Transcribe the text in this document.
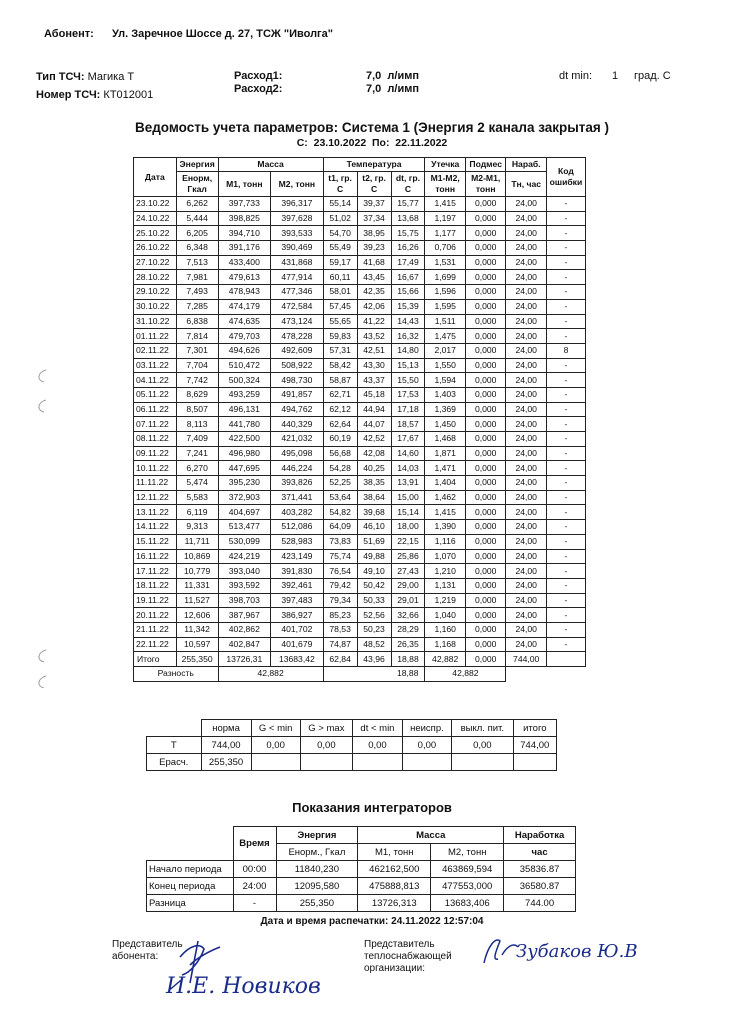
Абонент: Ул. Заречное Шоссе д. 27, ТСЖ "Иволга"
Тип ТСЧ: Магика Т
Номер ТСЧ: КТ012001
Расход1:
Расход2:
7,0  л/имп
7,0  л/имп
dt min: 1 град. С
Ведомость учета параметров: Система 1 (Энергия 2 канала закрытая )
С:  23.10.2022  По:  22.11.2022
Дата	Энергия	Масса		Температура			Утечка	Подмес	Нараб.	Код ошибки
	Енорм, Гкал	М1, тонн	М2, тонн	t1, гр. С	t2, гр. С	dt, гр. С	М1-М2, тонн	М2-М1, тонн	Тн, час	
23.10.22	6,262	397,733	396,317	55,14	39,37	15,77	1,415	0,000	24,00	-
24.10.22	5,444	398,825	397,628	51,02	37,34	13,68	1,197	0,000	24,00	-
25.10.22	6,205	394,710	393,533	54,70	38,95	15,75	1,177	0,000	24,00	-
26.10.22	6,348	391,176	390,469	55,49	39,23	16,26	0,706	0,000	24,00	-
27.10.22	7,513	433,400	431,868	59,17	41,68	17,49	1,531	0,000	24,00	-
28.10.22	7,981	479,613	477,914	60,11	43,45	16,67	1,699	0,000	24,00	-
29.10.22	7,493	478,943	477,346	58,01	42,35	15,66	1,596	0,000	24,00	-
30.10.22	7,285	474,179	472,584	57,45	42,06	15,39	1,595	0,000	24,00	-
31.10.22	6,838	474,635	473,124	55,65	41,22	14,43	1,511	0,000	24,00	-
01.11.22	7,814	479,703	478,228	59,83	43,52	16,32	1,475	0,000	24,00	-
02.11.22	7,301	494,626	492,609	57,31	42,51	14,80	2,017	0,000	24,00	8
03.11.22	7,704	510,472	508,922	58,42	43,30	15,13	1,550	0,000	24,00	-
04.11.22	7,742	500,324	498,730	58,87	43,37	15,50	1,594	0,000	24,00	-
05.11.22	8,629	493,259	491,857	62,71	45,18	17,53	1,403	0,000	24,00	-
06.11.22	8,507	496,131	494,762	62,12	44,94	17,18	1,369	0,000	24,00	-
07.11.22	8,113	441,780	440,329	62,64	44,07	18,57	1,450	0,000	24,00	-
08.11.22	7,409	422,500	421,032	60,19	42,52	17,67	1,468	0,000	24,00	-
09.11.22	7,241	496,980	495,098	56,68	42,08	14,60	1,871	0,000	24,00	-
10.11.22	6,270	447,695	446,224	54,28	40,25	14,03	1,471	0,000	24,00	-
11.11.22	5,474	395,230	393,826	52,25	38,35	13,91	1,404	0,000	24,00	-
12.11.22	5,583	372,903	371,441	53,64	38,64	15,00	1,462	0,000	24,00	-
13.11.22	6,119	404,697	403,282	54,82	39,68	15,14	1,415	0,000	24,00	-
14.11.22	9,313	513,477	512,086	64,09	46,10	18,00	1,390	0,000	24,00	-
15.11.22	11,711	530,099	528,983	73,83	51,69	22,15	1,116	0,000	24,00	-
16.11.22	10,869	424,219	423,149	75,74	49,88	25,86	1,070	0,000	24,00	-
17.11.22	10,779	393,040	391,830	76,54	49,10	27,43	1,210	0,000	24,00	-
18.11.22	11,331	393,592	392,461	79,42	50,42	29,00	1,131	0,000	24,00	-
19.11.22	11,527	398,703	397,483	79,34	50,33	29,01	1,219	0,000	24,00	-
20.11.22	12,606	387,967	386,927	85,23	52,56	32,66	1,040	0,000	24,00	-
21.11.22	11,342	402,862	401,702	78,53	50,23	28,29	1,160	0,000	24,00	-
22.11.22	10,597	402,847	401,679	74,87	48,52	26,35	1,168	0,000	24,00	-
Итого	255,350	13726,31	13683,42	62,84	43,96	18,88	42,882	0,000	744,00	
Разность		42,882				18,88	42,882			
	норма	G < min	G > max	dt < min	неиспр.	выкл. пит.	итого
T	744,00	0,00	0,00	0,00	0,00	0,00	744,00
Ерасч.	255,350						
Показания интеграторов
	Время	Энергия	Масса		Наработка
		Енорм., Гкал	М1, тонн	М2, тонн	час
Начало периода	00:00	11840,230	462162,500	463869,594	35836.87
Конец периода	24:00	12095,580	475888,813	477553,000	36580.87
Разница	-	255,350	13726,313	13683,406	744.00
Дата и время распечатки: 24.11.2022 12:57:04
Представитель
абонента:
Представитель
теплоснабжающей
организации:
И.Е. Новиков
Зубаков Ю.В
